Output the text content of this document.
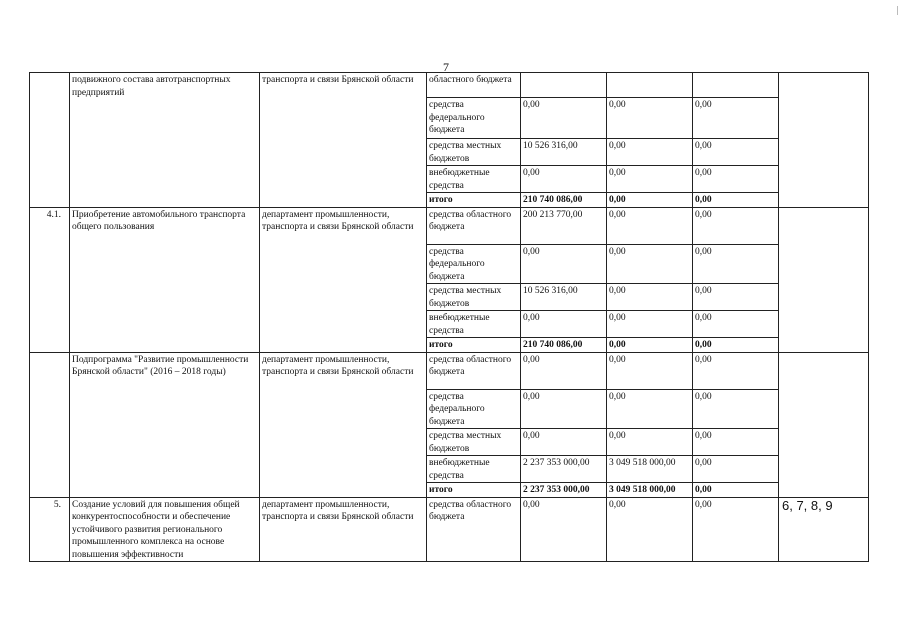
7
	подвижного состава автотранспортных предприятий	транспорта и связи Брянской области	областного бюджета				
			средства федерального бюджета	0,00	0,00	0,00	
			средства местных бюджетов	10 526 316,00	0,00	0,00	
			внебюджетные средства	0,00	0,00	0,00	
			итого	210 740 086,00	0,00	0,00	
4.1.	Приобретение автомобильного транспорта общего пользования	департамент промышленности, транспорта и связи Брянской области	средства областного бюджета	200 213 770,00	0,00	0,00	
			средства федерального бюджета	0,00	0,00	0,00	
			средства местных бюджетов	10 526 316,00	0,00	0,00	
			внебюджетные средства	0,00	0,00	0,00	
			итого	210 740 086,00	0,00	0,00	
	Подпрограмма "Развитие промышленности Брянской области" (2016 – 2018 годы)	департамент промышленности, транспорта и связи Брянской области	средства областного бюджета	0,00	0,00	0,00	
			средства федерального бюджета	0,00	0,00	0,00	
			средства местных бюджетов	0,00	0,00	0,00	
			внебюджетные средства	2 237 353 000,00	3 049 518 000,00	0,00	
			итого	2 237 353 000,00	3 049 518 000,00	0,00	
5.	Создание условий для повышения общей конкурентоспособности и обеспечение устойчивого развития регионального промышленного комплекса на основе повышения эффективности	департамент промышленности, транспорта и связи Брянской области	средства областного бюджета	0,00	0,00	0,00	6, 7, 8, 9
